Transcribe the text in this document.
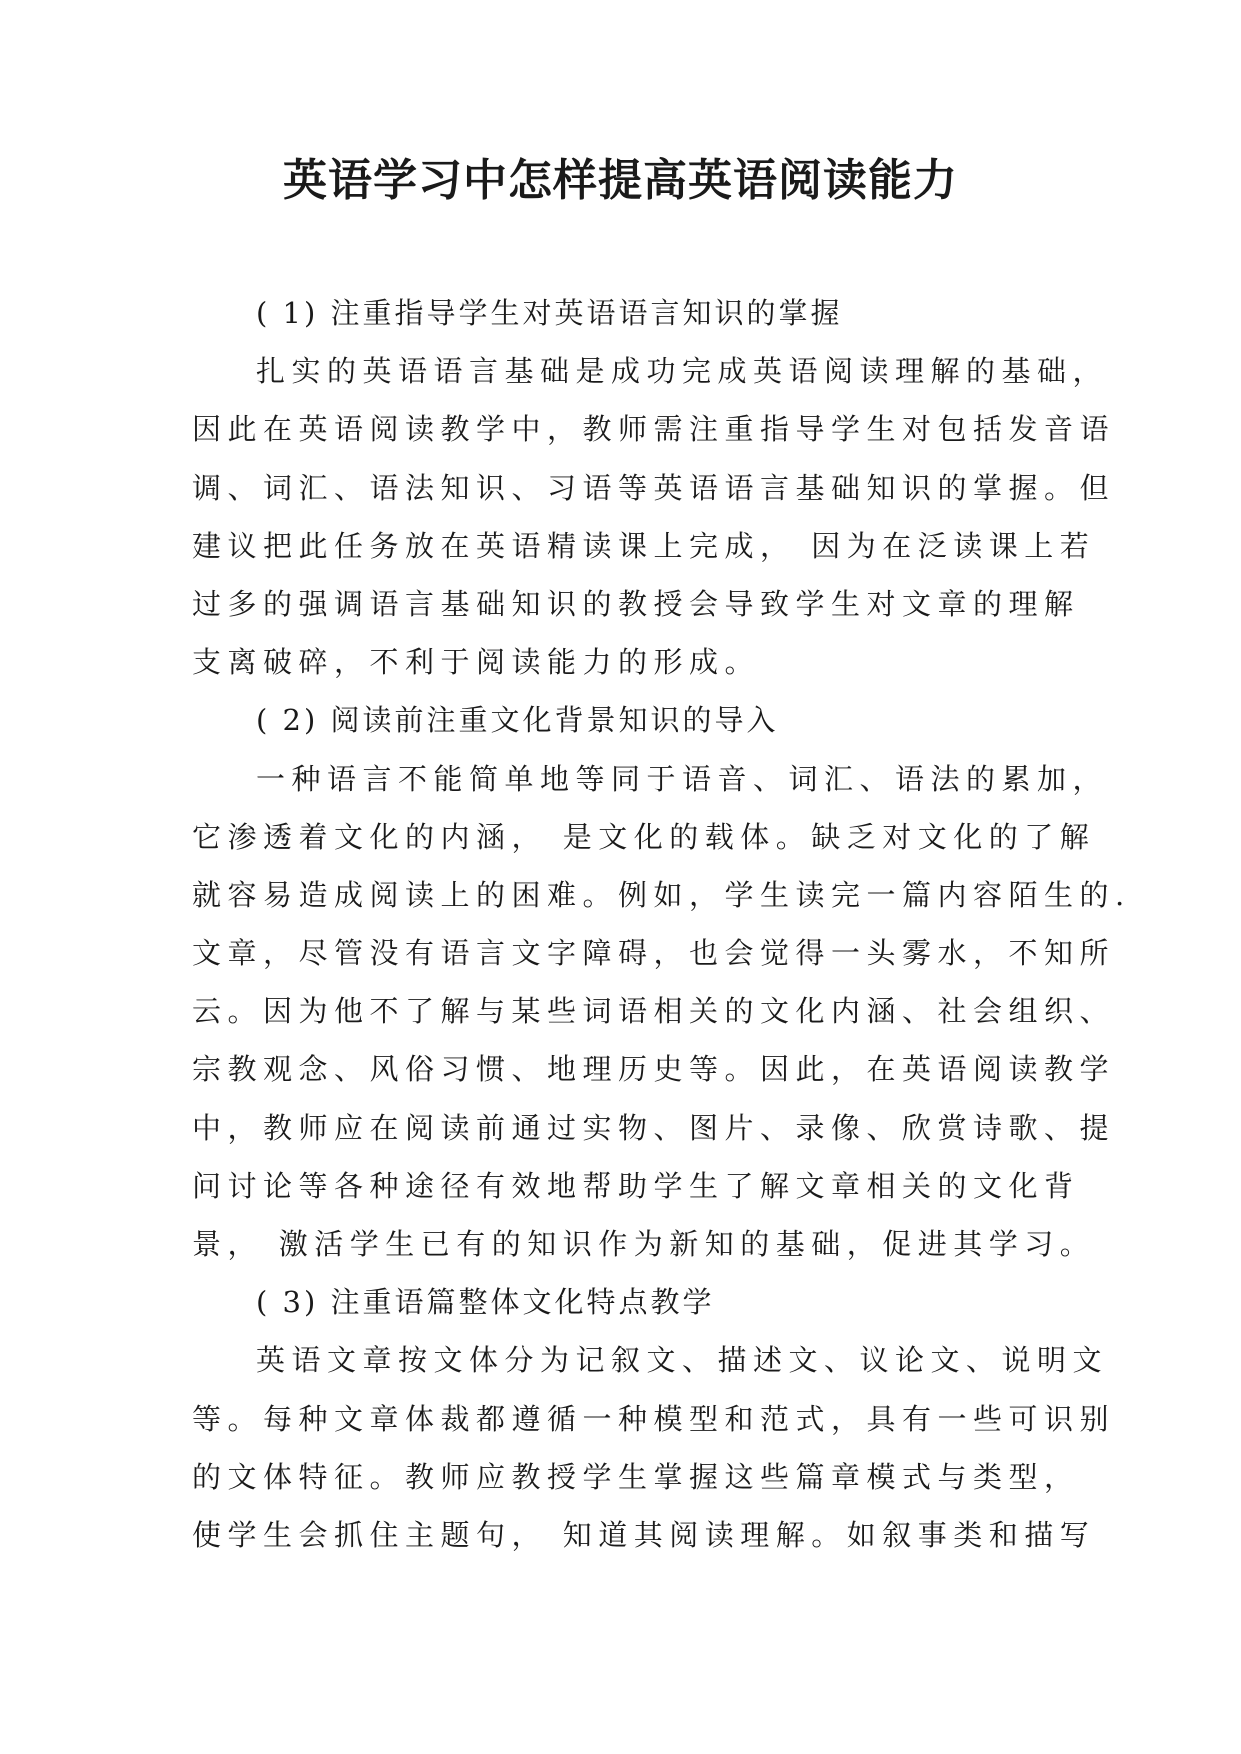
英语学习中怎样提高英语阅读能力
( 1) 注重指导学生对英语语言知识的掌握
扎实的英语语言基础是成功完成英语阅读理解的基础，
因此在英语阅读教学中，教师需注重指导学生对包括发音语
调、词汇、语法知识、习语等英语语言基础知识的掌握。但
建议把此任务放在英语精读课上完成， 因为在泛读课上若
过多的强调语言基础知识的教授会导致学生对文章的理解
支离破碎，不利于阅读能力的形成。
( 2) 阅读前注重文化背景知识的导入
一种语言不能简单地等同于语音、词汇、语法的累加，
它渗透着文化的内涵， 是文化的载体。缺乏对文化的了解
就容易造成阅读上的困难。例如，学生读完一篇内容陌生的.
文章，尽管没有语言文字障碍，也会觉得一头雾水，不知所
云。因为他不了解与某些词语相关的文化内涵、社会组织、
宗教观念、风俗习惯、地理历史等。因此，在英语阅读教学
中，教师应在阅读前通过实物、图片、录像、欣赏诗歌、提
问讨论等各种途径有效地帮助学生了解文章相关的文化背
景， 激活学生已有的知识作为新知的基础，促进其学习。
( 3) 注重语篇整体文化特点教学
英语文章按文体分为记叙文、描述文、议论文、说明文
等。每种文章体裁都遵循一种模型和范式，具有一些可识别
的文体特征。教师应教授学生掌握这些篇章模式与类型，
使学生会抓住主题句， 知道其阅读理解。如叙事类和描写
